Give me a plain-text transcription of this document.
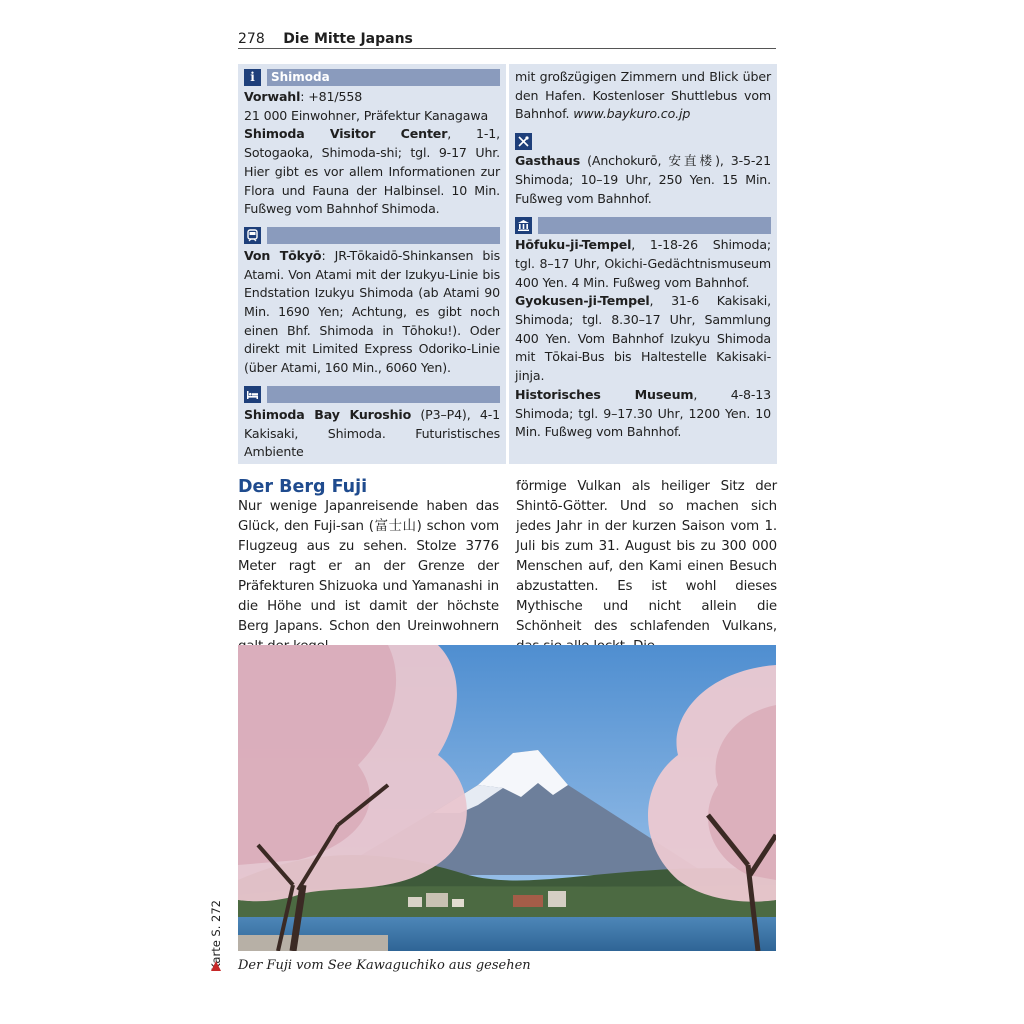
278 Die Mitte Japans
i	Shimoda
Vorwahl: +81/558
21 000 Einwohner, Präfektur Kanagawa
Shimoda Visitor Center, 1-1, Sotogaoka, Shimoda-shi; tgl. 9-17 Uhr. Hier gibt es vor allem Informationen zur Flora und Fauna der Halbinsel. 10 Min. Fußweg vom Bahnhof Shimoda.
Von Tōkyō: JR-Tōkaidō-Shinkansen bis Atami. Von Atami mit der Izukyu-Linie bis Endstation Izukyu Shimoda (ab Atami 90 Min. 1690 Yen; Achtung, es gibt noch einen Bhf. Shimoda in Tōhoku!). Oder direkt mit Limited Express Odoriko-Linie (über Atami, 160 Min., 6060 Yen).
Shimoda Bay Kuroshio (P3–P4), 4-1 Kakisaki, Shimoda. Futuristisches Ambiente
mit großzügigen Zimmern und Blick über den Hafen. Kostenloser Shuttlebus vom Bahnhof. www.baykuro.co.jp
Gasthaus (Anchokurō, 安直楼), 3-5-21 Shimoda; 10–19 Uhr, 250 Yen. 15 Min. Fußweg vom Bahnhof.
Hōfuku-ji-Tempel, 1-18-26 Shimoda; tgl. 8–17 Uhr, Okichi-Gedächtnismuseum 400 Yen. 4 Min. Fußweg vom Bahnhof.
Gyokusen-ji-Tempel, 31-6 Kakisaki, Shimoda; tgl. 8.30–17 Uhr, Sammlung 400 Yen. Vom Bahnhof Izukyu Shimoda mit Tōkai-Bus bis Haltestelle Kakisaki-jinja.
Historisches Museum, 4-8-13 Shimoda; tgl. 9–17.30 Uhr, 1200 Yen. 10 Min. Fußweg vom Bahnhof.
Der Berg Fuji
Nur wenige Japanreisende haben das Glück, den Fuji-san (富士山) schon vom Flugzeug aus zu sehen. Stolze 3776 Meter ragt er an der Grenze der Präfekturen Shizuoka und Yamanashi in die Höhe und ist damit der höchste Berg Japans. Schon den Ureinwohnern
förmige Vulkan als heiliger Sitz der Shintō-Götter. Und so machen sich jedes Jahr in der kurzen Saison vom 1. Juli bis zum 31. August bis zu 300 000 Menschen auf, den Kami einen Besuch abzustatten. Es ist wohl dieses Mythische und nicht allein die Schönheit des schlafenden Vulkans,
Der Fuji vom See Kawaguchiko aus gesehen
Karte S. 272
